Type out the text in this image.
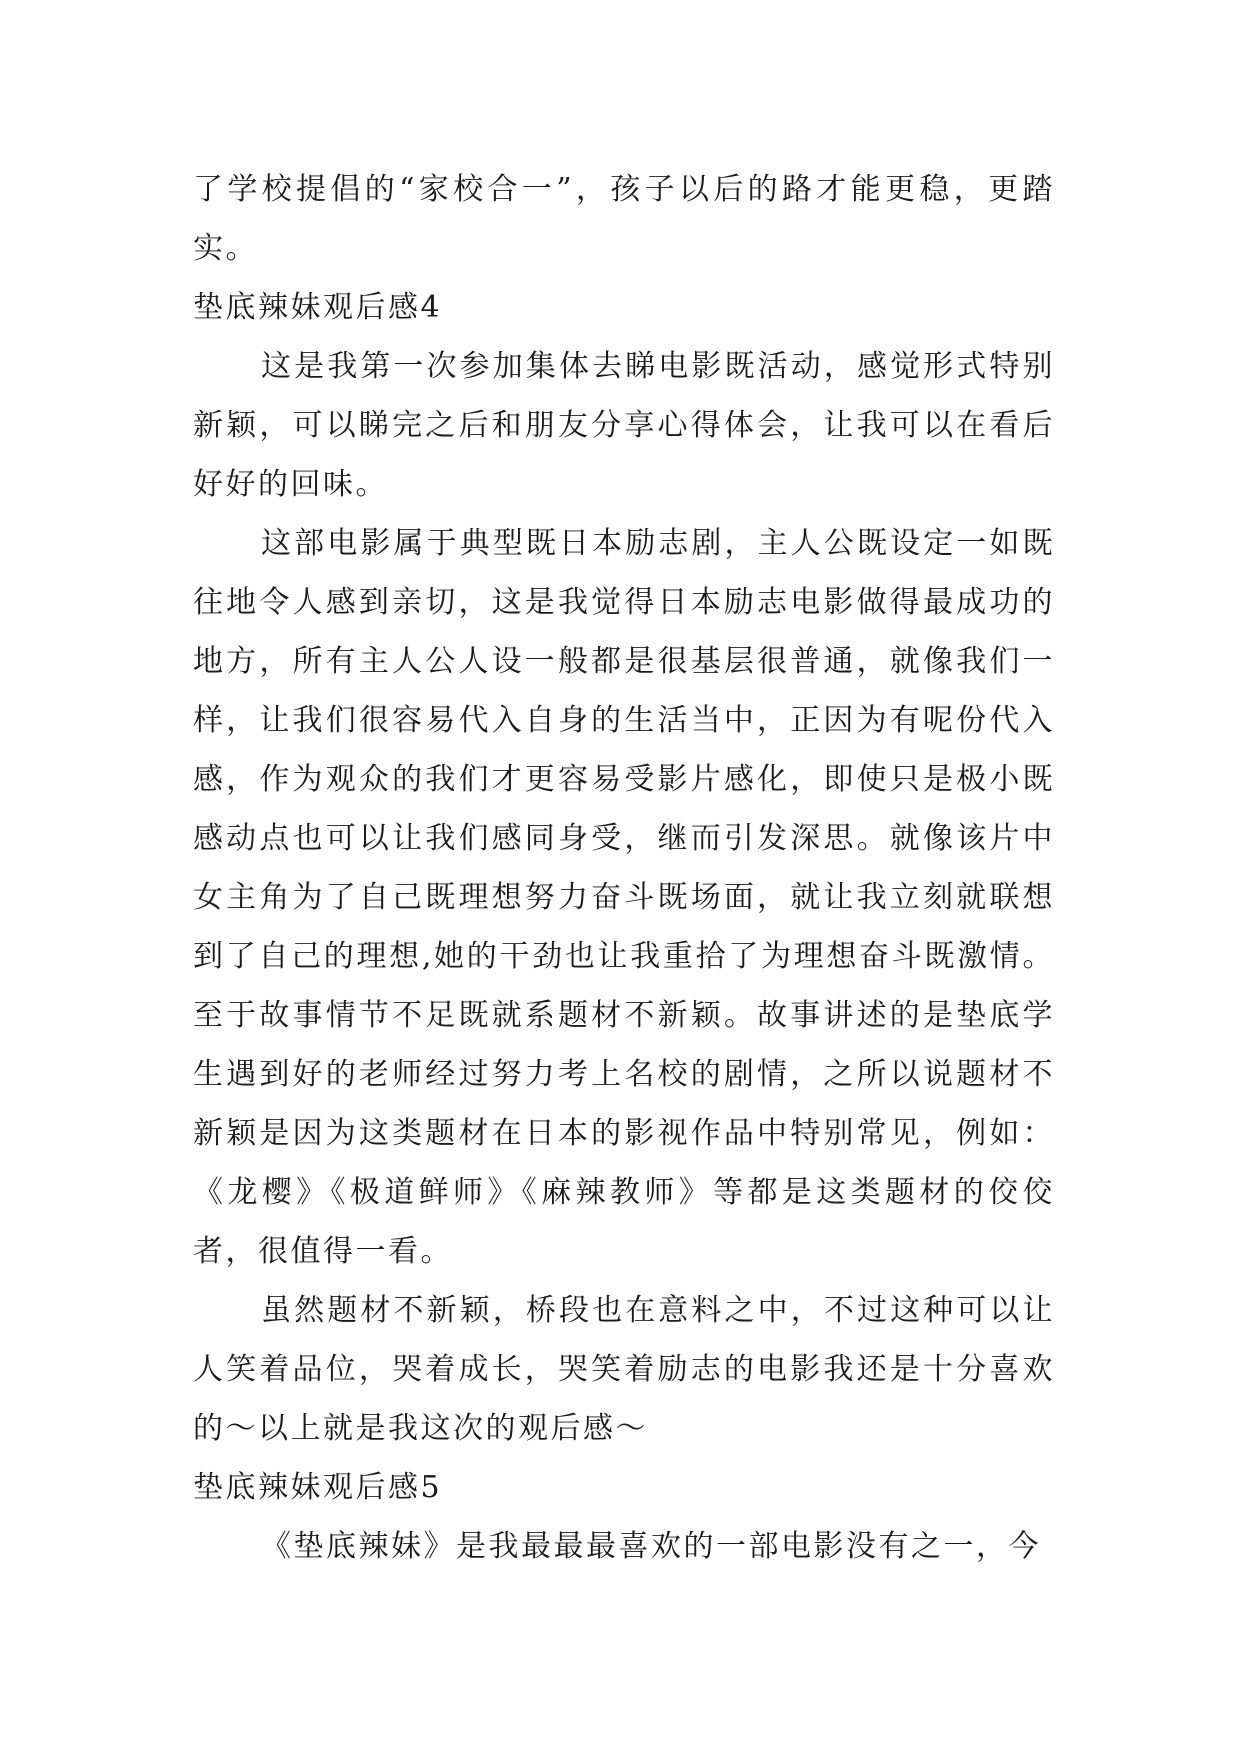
了学校提倡的“家校合一”，孩子以后的路才能更稳，更踏实。

垫底辣妹观后感4

这是我第一次参加集体去睇电影既活动，感觉形式特别新颖，可以睇完之后和朋友分享心得体会，让我可以在看后好好的回味。

这部电影属于典型既日本励志剧，主人公既设定一如既往地令人感到亲切，这是我觉得日本励志电影做得最成功的地方，所有主人公人设一般都是很基层很普通，就像我们一样，让我们很容易代入自身的生活当中，正因为有呢份代入感，作为观众的我们才更容易受影片感化，即使只是极小既感动点也可以让我们感同身受，继而引发深思。就像该片中女主角为了自己既理想努力奋斗既场面，就让我立刻就联想到了自己的理想,她的干劲也让我重拾了为理想奋斗既激情。至于故事情节不足既就系题材不新颖。故事讲述的是垫底学生遇到好的老师经过努力考上名校的剧情，之所以说题材不新颖是因为这类题材在日本的影视作品中特别常见，例如：《龙樱》《极道鲜师》《麻辣教师》等都是这类题材的佼佼者，很值得一看。

虽然题材不新颖，桥段也在意料之中，不过这种可以让人笑着品位，哭着成长，哭笑着励志的电影我还是十分喜欢的～以上就是我这次的观后感～

垫底辣妹观后感5

《垫底辣妹》是我最最最喜欢的一部电影没有之一，今
